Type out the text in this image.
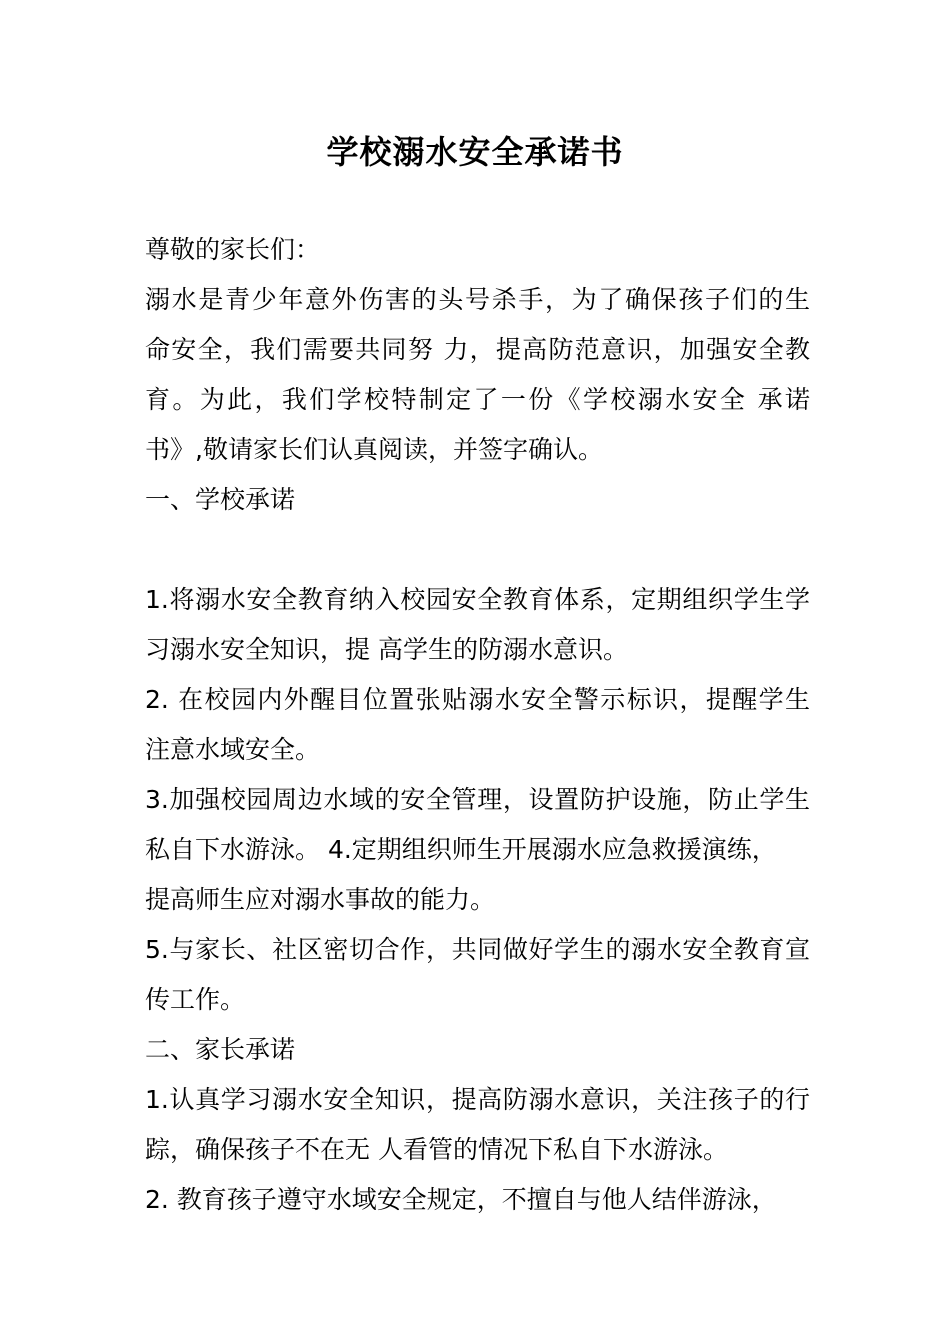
学校溺水安全承诺书
尊敬的家长们：
溺水是青少年意外伤害的头号杀手，为了确保孩子们的生
命安全，我们需要共同努 力，提高防范意识，加强安全教
育。为此，我们学校特制定了一份《学校溺水安全 承诺
书》,敬请家长们认真阅读，并签字确认。
一、学校承诺
1.将溺水安全教育纳入校园安全教育体系，定期组织学生学
习溺水安全知识，提 高学生的防溺水意识。
2. 在校园内外醒目位置张贴溺水安全警示标识，提醒学生
注意水域安全。
3.加强校园周边水域的安全管理，设置防护设施，防止学生
私自下水游泳。 4.定期组织师生开展溺水应急救援演练，
提高师生应对溺水事故的能力。
5.与家长、社区密切合作，共同做好学生的溺水安全教育宣
传工作。
二、家长承诺
1.认真学习溺水安全知识，提高防溺水意识，关注孩子的行
踪，确保孩子不在无 人看管的情况下私自下水游泳。
2. 教育孩子遵守水域安全规定，不擅自与他人结伴游泳，
